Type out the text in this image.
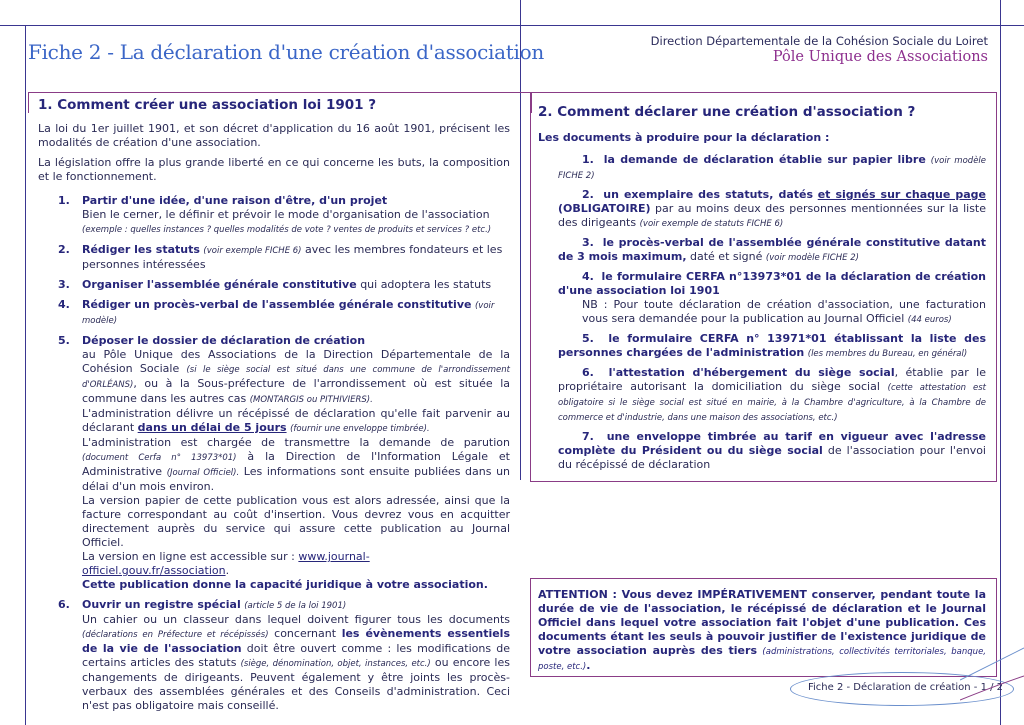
Fiche 2 - La déclaration d'une création d'association	Direction Départementale de la Cohésion Sociale du Loiret
Pôle Unique des Associations
1. Comment créer une association loi 1901 ?

La loi du 1er juillet 1901, et son décret d'application du 16 août 1901, précisent les modalités de création d'une association.

La législation offre la plus grande liberté en ce qui concerne les buts, la composition et le fonctionnement.

1. Partir d'une idée, d'une raison d'être, d'un projet
Bien le cerner, le définir et prévoir le mode d'organisation de l'association (exemple : quelles instances ? quelles modalités de vote ? ventes de produits et services ? etc.)
2.	Rédiger les statuts (voir exemple FICHE 6) avec les membres fondateurs et les personnes intéressées
3. Organiser l'assemblée générale constitutive qui adoptera les statuts
4. Rédiger un procès-verbal de l'assemblée générale constitutive (voir modèle)
5. Déposer le dossier de déclaration de création
au Pôle Unique des Associations de la Direction Départementale de la Cohésion Sociale (si le siège social est situé dans une commune de l'arrondissement d'ORLÉANS), ou à la Sous-préfecture de l'arrondissement où est située la commune dans les autres cas (MONTARGIS ou PITHIVIERS).
L'administration délivre un récépissé de déclaration qu'elle fait parvenir au déclarant dans un délai de 5 jours (fournir une enveloppe timbrée).
L'administration est chargée de transmettre la demande de parution (document Cerfa n° 13973*01) à la Direction de l'Information Légale et Administrative (Journal Officiel). Les informations sont ensuite publiées dans un délai d'un mois environ.
La version papier de cette publication vous est alors adressée, ainsi que la facture correspondant au coût d'insertion. Vous devrez vous en acquitter directement auprès du service qui assure cette publication au Journal Officiel.
La version en ligne est accessible sur : www.journal-officiel.gouv.fr/association.
Cette publication donne la capacité juridique à votre association.
6. Ouvrir un registre spécial (article 5 de la loi 1901)
Un cahier ou un classeur dans lequel doivent figurer tous les documents (déclarations en Préfecture et récépissés) concernant les évènements essentiels de la vie de l'association doit être ouvert comme : les modifications de certains articles des statuts (siège, dénomination, objet, instances, etc.) ou encore les changements de dirigeants. Peuvent également y être joints les procès-verbaux des assemblées générales et des Conseils d'administration. Ceci n'est pas obligatoire mais conseillé.
2. Comment déclarer une création d'association ?
Les documents à produire pour la déclaration :
1. la demande de déclaration établie sur papier libre (voir modèle FICHE 2)
2. un exemplaire des statuts, datés et signés sur chaque page (OBLIGATOIRE) par au moins deux des personnes mentionnées sur la liste des dirigeants (voir exemple de statuts FICHE 6)
3. le procès-verbal de l'assemblée générale constitutive datant de 3 mois maximum, daté et signé (voir modèle FICHE 2)
4. le formulaire CERFA n°13973*01 de la déclaration de création d'une association loi 1901
NB : Pour toute déclaration de création d'association, une facturation vous sera demandée pour la publication au Journal Officiel (44 euros)
5. le formulaire CERFA n° 13971*01 établissant la liste des personnes chargées de l'administration (les membres du Bureau, en général)
6. l'attestation d'hébergement du siège social, établie par le propriétaire autorisant la domiciliation du siège social (cette attestation est obligatoire si le siège social est situé en mairie, à la Chambre d'agriculture, à la Chambre de commerce et d'industrie, dans une maison des associations, etc.)
7. une enveloppe timbrée au tarif en vigueur avec l'adresse complète du Président ou du siège social de l'association pour l'envoi du récépissé de déclaration
ATTENTION : Vous devez IMPÉRATIVEMENT conserver, pendant toute la durée de vie de l'association, le récépissé de déclaration et le Journal Officiel dans lequel votre association fait l'objet d'une publication. Ces documents étant les seuls à pouvoir justifier de l'existence juridique de votre association auprès des tiers (administrations, collectivités territoriales, banque, poste, etc.).
Fiche 2 - Déclaration de création - 1 / 2
